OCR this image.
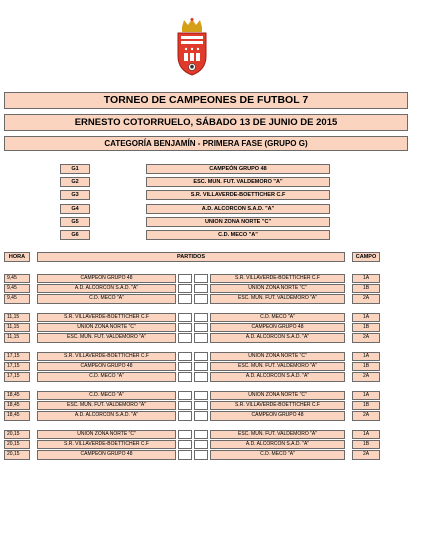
TORNEO DE CAMPEONES DE FUTBOL 7
ERNESTO COTORRUELO, SÁBADO 13 DE JUNIO DE 2015
CATEGORÍA BENJAMÍN - PRIMERA FASE (GRUPO G)
G1	CAMPEÓN GRUPO 48
G2	ESC. MUN. FUT. VALDEMORO "A"
G3	S.R. VILLAVERDE-BOETTICHER C.F
G4	A.D. ALCORCON S.A.D. "A"
G5	UNION ZONA NORTE "C"
G6	C.D. MECO "A"
HORA	PARTIDOS	CAMPO
9,45	CAMPEÓN GRUPO 48	S.R. VILLAVERDE-BOETTICHER C.F	1A
9,45	A.D. ALCORCON S.A.D. "A"	UNION ZONA NORTE "C"	1B
9,45	C.D. MECO "A"	ESC. MUN. FUT. VALDEMORO "A"	2A
11,15	S.R. VILLAVERDE-BOETTICHER C.F	C.D. MECO "A"	1A
11,15	UNION ZONA NORTE "C"	CAMPEÓN GRUPO 48	1B
11,15	ESC. MUN. FUT. VALDEMORO "A"	A.D. ALCORCON S.A.D. "A"	2A
17,15	S.R. VILLAVERDE-BOETTICHER C.F	UNION ZONA NORTE "C"	1A
17,15	CAMPEÓN GRUPO 48	ESC. MUN. FUT. VALDEMORO "A"	1B
17,15	C.D. MECO "A"	A.D. ALCORCON S.A.D. "A"	2A
18,45	C.D. MECO "A"	UNION ZONA NORTE "C"	1A
18,45	ESC. MUN. FUT. VALDEMORO "A"	S.R. VILLAVERDE-BOETTICHER C.F	1B
18,45	A.D. ALCORCON S.A.D. "A"	CAMPEÓN GRUPO 48	2A
20,15	UNION ZONA NORTE "C"	ESC. MUN. FUT. VALDEMORO "A"	1A
20,15	S.R. VILLAVERDE-BOETTICHER C.F	A.D. ALCORCON S.A.D. "A"	1B
20,15	CAMPEÓN GRUPO 48	C.D. MECO "A"	2A
